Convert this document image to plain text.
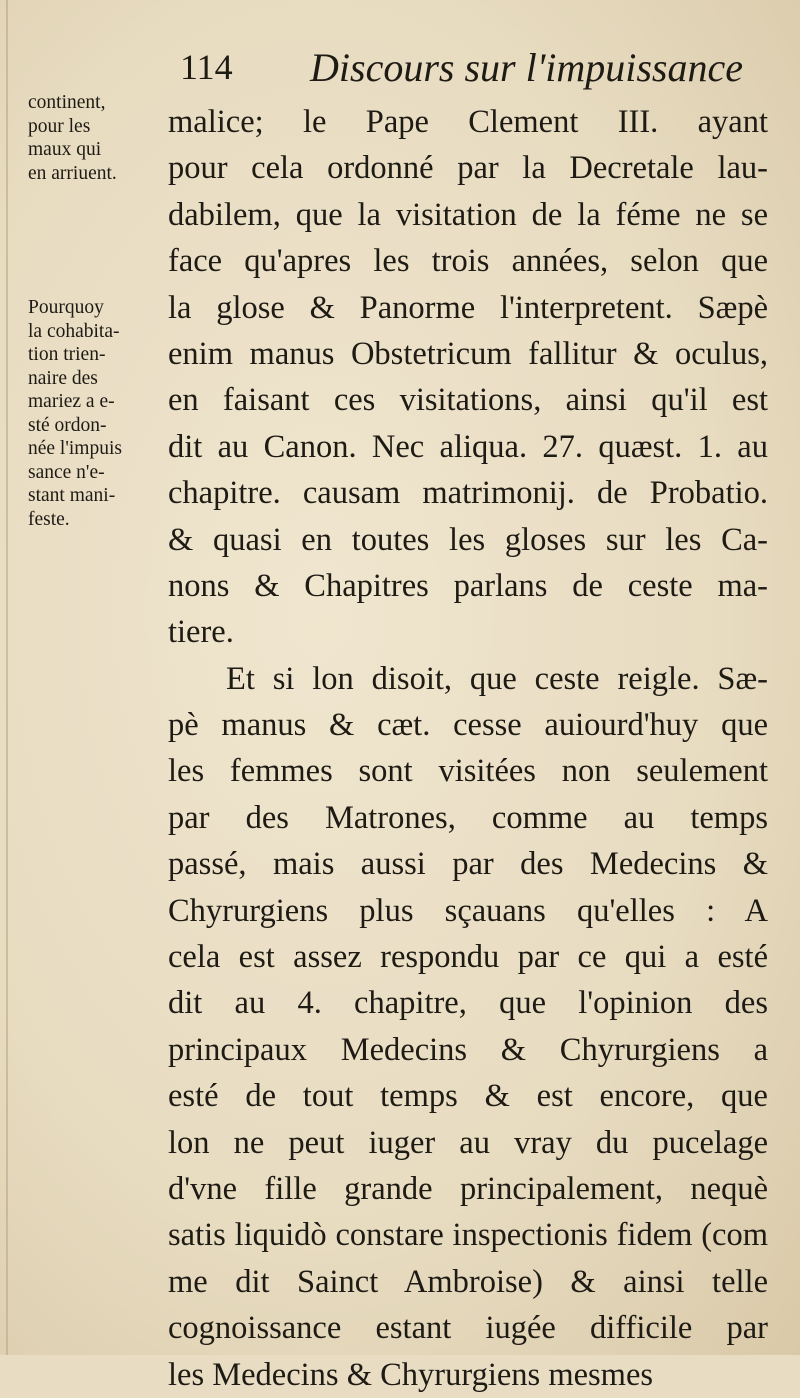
114 Discours sur l'impuissance
continent,
pour les
maux qui
en arriuent.
Pourquoy
la cohabita-
tion trien-
naire des
mariez a e-
sté ordon-
née l'impuis
sance n'e-
stant mani-
feste.
malice; le Pape Clement III. ayant
pour cela ordonné par la Decretale lau-
dabilem, que la visitation de la féme ne se
face qu'apres les trois années, selon que
la glose & Panorme l'interpretent. Sæpè
enim manus Obstetricum fallitur & oculus,
en faisant ces visitations, ainsi qu'il est
dit au Canon. Nec aliqua. 27. quæst. 1. au
chapitre. causam matrimonij. de Probatio.
& quasi en toutes les gloses sur les Ca-
nons & Chapitres parlans de ceste ma-
tiere.
Et si lon disoit, que ceste reigle. Sæ-
pè manus & cæt. cesse auiourd'huy que
les femmes sont visitées non seulement
par des Matrones, comme au temps
passé, mais aussi par des Medecins &
Chyrurgiens plus sçauans qu'elles : A
cela est assez respondu par ce qui a esté
dit au 4. chapitre, que l'opinion des
principaux Medecins & Chyrurgiens a
esté de tout temps & est encore, que
lon ne peut iuger au vray du pucelage
d'vne fille grande principalement, nequè
satis liquidò constare inspectionis fidem (com
me dit Sainct Ambroise) & ainsi telle
cognoissance estant iugée difficile par
les Medecins & Chyrurgiens mesmes
